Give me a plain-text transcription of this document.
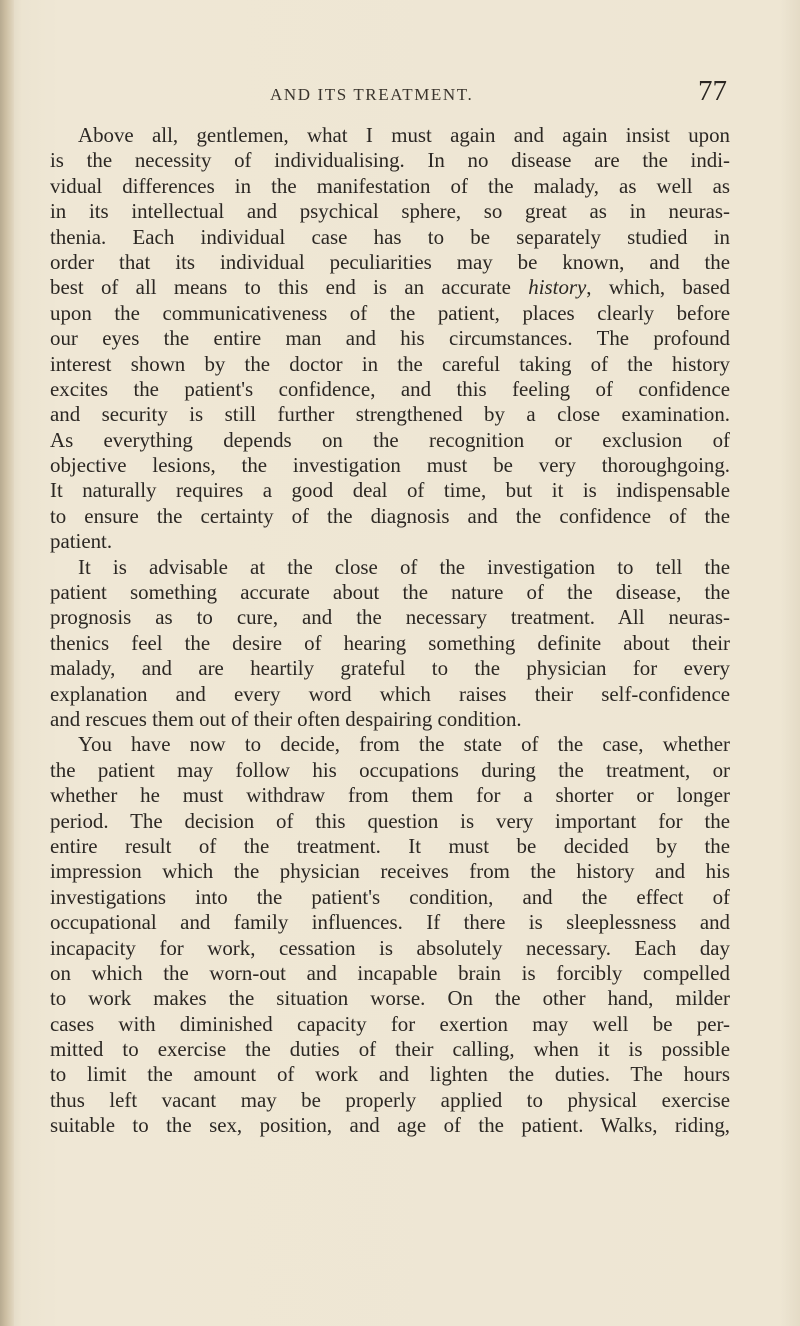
AND ITS TREATMENT.	77
Above all, gentlemen, what I must again and again insist upon
is the necessity of individualising. In no disease are the indi-
vidual differences in the manifestation of the malady, as well as
in its intellectual and psychical sphere, so great as in neuras-
thenia. Each individual case has to be separately studied in
order that its individual peculiarities may be known, and the
best of all means to this end is an accurate history, which, based
upon the communicativeness of the patient, places clearly before
our eyes the entire man and his circumstances. The profound
interest shown by the doctor in the careful taking of the history
excites the patient's confidence, and this feeling of confidence
and security is still further strengthened by a close examination.
As everything depends on the recognition or exclusion of
objective lesions, the investigation must be very thoroughgoing.
It naturally requires a good deal of time, but it is indispensable
to ensure the certainty of the diagnosis and the confidence of the
patient.
It is advisable at the close of the investigation to tell the
patient something accurate about the nature of the disease, the
prognosis as to cure, and the necessary treatment. All neuras-
thenics feel the desire of hearing something definite about their
malady, and are heartily grateful to the physician for every
explanation and every word which raises their self-confidence
and rescues them out of their often despairing condition.
You have now to decide, from the state of the case, whether
the patient may follow his occupations during the treatment, or
whether he must withdraw from them for a shorter or longer
period. The decision of this question is very important for the
entire result of the treatment. It must be decided by the
impression which the physician receives from the history and his
investigations into the patient's condition, and the effect of
occupational and family influences. If there is sleeplessness and
incapacity for work, cessation is absolutely necessary. Each day
on which the worn-out and incapable brain is forcibly compelled
to work makes the situation worse. On the other hand, milder
cases with diminished capacity for exertion may well be per-
mitted to exercise the duties of their calling, when it is possible
to limit the amount of work and lighten the duties. The hours
thus left vacant may be properly applied to physical exercise
suitable to the sex, position, and age of the patient. Walks, riding,
